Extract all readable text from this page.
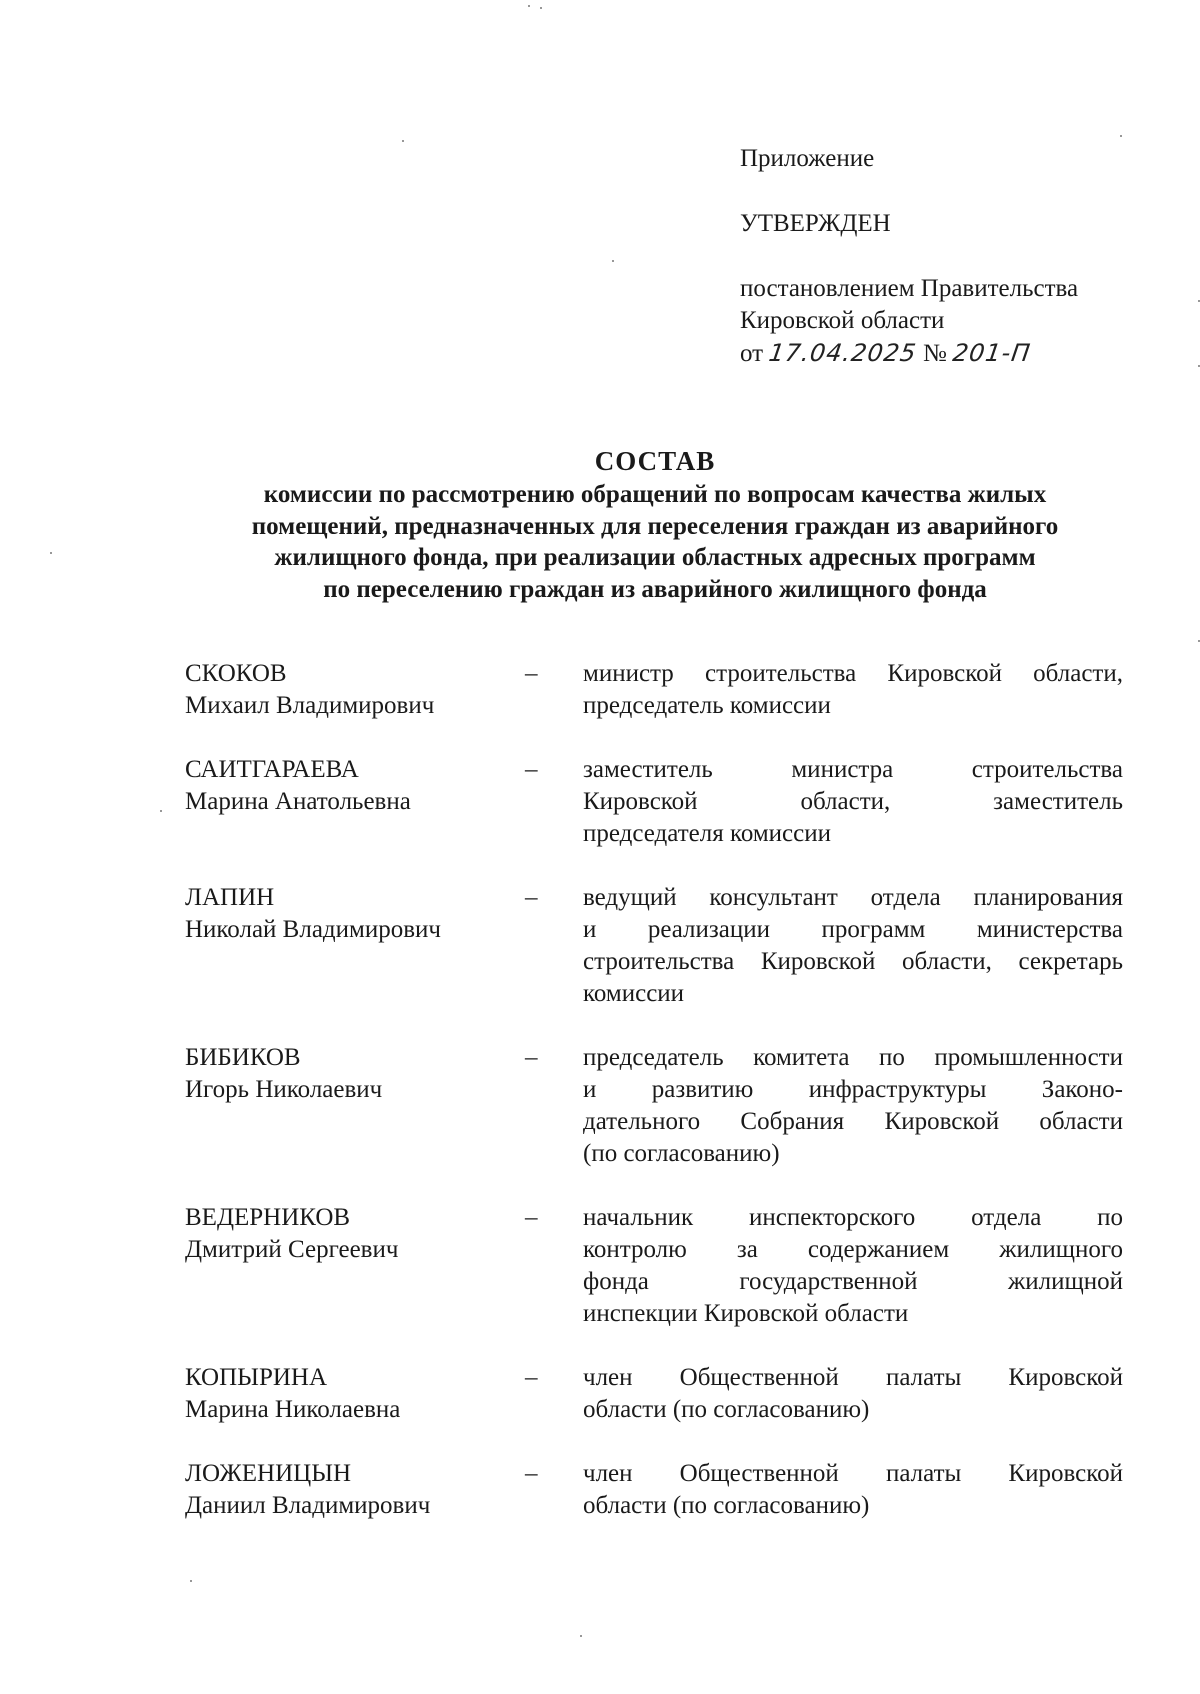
Приложение
УТВЕРЖДЕН
постановлением Правительства
Кировской области
от 17.04.2025 № 201-П
СОСТАВ
комиссии по рассмотрению обращений по вопросам качества жилых
помещений, предназначенных для переселения граждан из аварийного
жилищного фонда, при реализации областных адресных программ
по переселению граждан из аварийного жилищного фонда
СКОКОВ
Михаил Владимирович
–	министр строительства Кировской области,
председатель комиссии
САИТГАРАЕВА
Марина Анатольевна
–	заместитель министра строительства
Кировской области, заместитель
председателя комиссии
ЛАПИН
Николай Владимирович
–	ведущий консультант отдела планирования
и реализации программ министерства
строительства Кировской области, секретарь
комиссии
БИБИКОВ
Игорь Николаевич
–	председатель комитета по промышленности
и развитию инфраструктуры Законо-
дательного Собрания Кировской области
(по согласованию)
ВЕДЕРНИКОВ
Дмитрий Сергеевич
–	начальник инспекторского отдела по
контролю за содержанием жилищного
фонда государственной жилищной
инспекции Кировской области
КОПЫРИНА
Марина Николаевна
–	член Общественной палаты Кировской
области (по согласованию)
ЛОЖЕНИЦЫН
Даниил Владимирович
–	член Общественной палаты Кировской
области (по согласованию)
